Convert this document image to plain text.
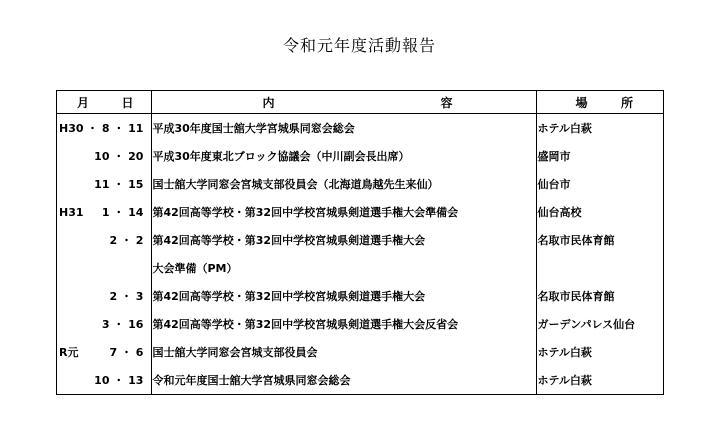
令和元年度活動報告
月 日	内 容	場 所

H30 ・ 8 ・ 11	平成30年度国士舘大学宮城県同窓会総会	ホテル白萩

10 ・ 20	平成30年度東北ブロック協議会（中川副会長出席）	盛岡市

11 ・ 15	国士舘大学同窓会宮城支部役員会（北海道鳥越先生来仙）	仙台市

H31 1 ・ 14	第42回高等学校・第32回中学校宮城県剣道選手権大会準備会	仙台高校

2 ・ 2	第42回高等学校・第32回中学校宮城県剣道選手権大会	名取市民体育館

	大会準備（PM）	

2 ・ 3	第42回高等学校・第32回中学校宮城県剣道選手権大会	名取市民体育館

3 ・ 16	第42回高等学校・第32回中学校宮城県剣道選手権大会反省会	ガーデンパレス仙台

R元 7 ・ 6	国士舘大学同窓会宮城支部役員会	ホテル白萩

10 ・ 13	令和元年度国士舘大学宮城県同窓会総会	ホテル白萩
